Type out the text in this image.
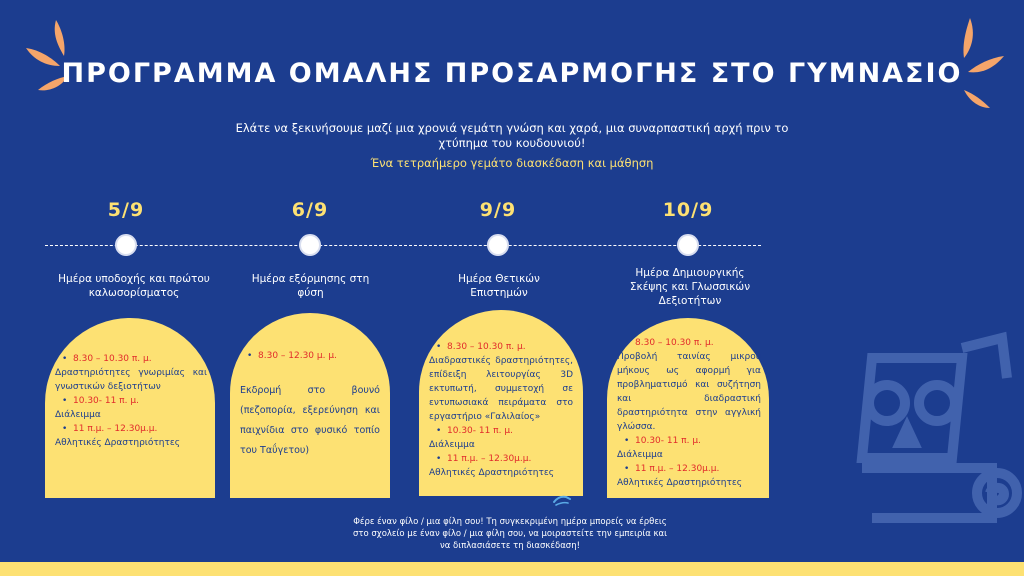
ΠΡΟΓΡΑΜΜΑ ΟΜΑΛΗΣ ΠΡΟΣΑΡΜΟΓΗΣ ΣΤΟ ΓΥΜΝΑΣΙΟ
Ελάτε να ξεκινήσουμε μαζί μια χρονιά γεμάτη γνώση και χαρά, μια συναρπαστική αρχή πριν το χτύπημα του κουδουνιού!
Ένα τετραήμερο γεμάτο διασκέδαση και μάθηση
5/9	6/9	9/9	10/9
Ημέρα υποδοχής και πρώτου καλωσορίσματος
Ημέρα εξόρμησης στη φύση
Ημέρα Θετικών Επιστημών
Ημέρα Δημιουργικής Σκέψης και Γλωσσικών Δεξιοτήτων
• 8.30 – 10.30 π. μ.
Δραστηριότητες γνωριμίας και γνωστικών δεξιοτήτων
• 10.30- 11 π. μ.
Διάλειμμα
• 11 π.μ. – 12.30μ.μ.
Αθλητικές Δραστηριότητες
• 8.30 – 12.30 μ. μ.
Εκδρομή στο βουνό (πεζοπορία, εξερεύνηση και παιχνίδια στο φυσικό τοπίο του Ταΰγετου)
• 8.30 – 10.30 π. μ.
Διαδραστικές δραστηριότητες, επίδειξη λειτουργίας 3D εκτυπωτή, συμμετοχή σε εντυπωσιακά πειράματα στο εργαστήριο «Γαλιλαίος»
• 10.30- 11 π. μ.
Διάλειμμα
• 11 π.μ. – 12.30μ.μ.
Αθλητικές Δραστηριότητες
• 8.30 – 10.30 π. μ.
Προβολή ταινίας μικρού μήκους ως αφορμή για προβληματισμό και συζήτηση και διαδραστική δραστηριότητα στην αγγλική γλώσσα.
• 10.30- 11 π. μ.
Διάλειμμα
• 11 π.μ. – 12.30μ.μ.
Αθλητικές Δραστηριότητες
Φέρε έναν φίλο / μια φίλη σου! Τη συγκεκριμένη ημέρα μπορείς να έρθεις στο σχολείο με έναν φίλο / μια φίλη σου, να μοιραστείτε την εμπειρία και να διπλασιάσετε τη διασκέδαση!
